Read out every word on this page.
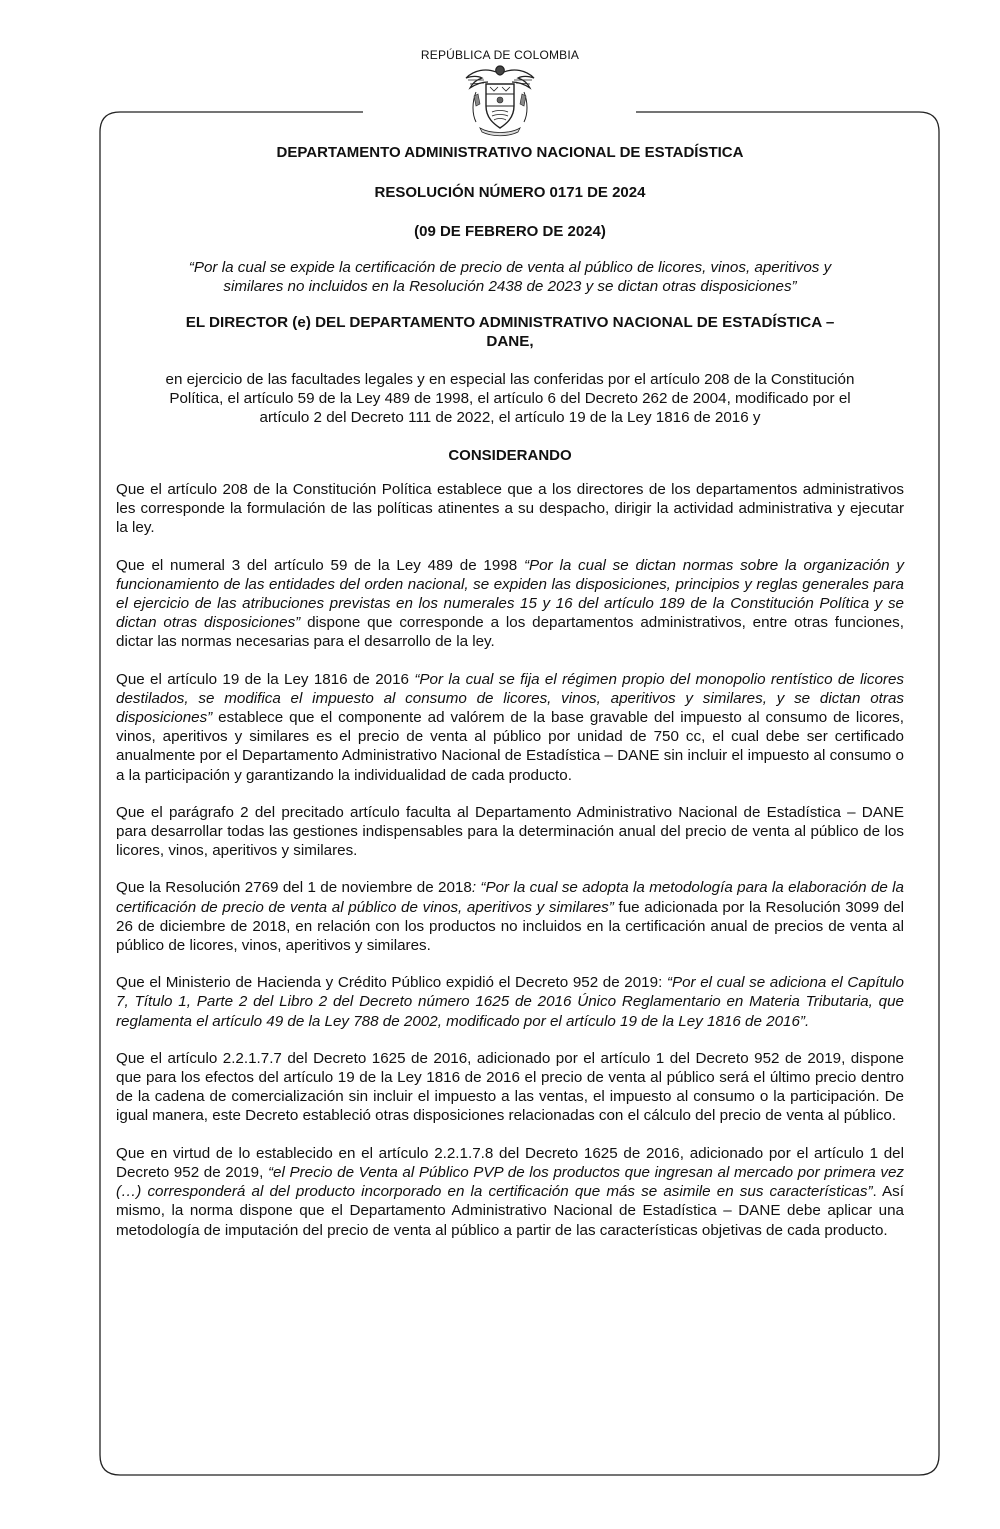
REPÚBLICA DE COLOMBIA
DEPARTAMENTO ADMINISTRATIVO NACIONAL DE ESTADÍSTICA
RESOLUCIÓN NÚMERO 0171 DE 2024
(09 DE FEBRERO DE 2024)
“Por la cual se expide la certificación de precio de venta al público de licores, vinos, aperitivos y
similares no incluidos en la Resolución 2438 de 2023 y se dictan otras disposiciones”
EL DIRECTOR (e) DEL DEPARTAMENTO ADMINISTRATIVO NACIONAL DE ESTADÍSTICA –
DANE,
en ejercicio de las facultades legales y en especial las conferidas por el artículo 208 de la Constitución
Política, el artículo 59 de la Ley 489 de 1998, el artículo 6 del Decreto 262 de 2004, modificado por el
artículo 2 del Decreto 111 de 2022, el artículo 19 de la Ley 1816 de 2016 y
CONSIDERANDO

Que el artículo 208 de la Constitución Política establece que a los directores de los departamentos administrativos les corresponde la formulación de las políticas atinentes a su despacho, dirigir la actividad administrativa y ejecutar la ley.

Que el numeral 3 del artículo 59 de la Ley 489 de 1998 “Por la cual se dictan normas sobre la organización y funcionamiento de las entidades del orden nacional, se expiden las disposiciones, principios y reglas generales para el ejercicio de las atribuciones previstas en los numerales 15 y 16 del artículo 189 de la Constitución Política y se dictan otras disposiciones” dispone que corresponde a los departamentos administrativos, entre otras funciones, dictar las normas necesarias para el desarrollo de la ley.

Que el artículo 19 de la Ley 1816 de 2016 “Por la cual se fija el régimen propio del monopolio rentístico de licores destilados, se modifica el impuesto al consumo de licores, vinos, aperitivos y similares, y se dictan otras disposiciones” establece que el componente ad valórem de la base gravable del impuesto al consumo de licores, vinos, aperitivos y similares es el precio de venta al público por unidad de 750 cc, el cual debe ser certificado anualmente por el Departamento Administrativo Nacional de Estadística – DANE sin incluir el impuesto al consumo o a la participación y garantizando la individualidad de cada producto.

Que el parágrafo 2 del precitado artículo faculta al Departamento Administrativo Nacional de Estadística – DANE para desarrollar todas las gestiones indispensables para la determinación anual del precio de venta al público de los licores, vinos, aperitivos y similares.

Que la Resolución 2769 del 1 de noviembre de 2018: “Por la cual se adopta la metodología para la elaboración de la certificación de precio de venta al público de vinos, aperitivos y similares” fue adicionada por la Resolución 3099 del 26 de diciembre de 2018, en relación con los productos no incluidos en la certificación anual de precios de venta al público de licores, vinos, aperitivos y similares.

Que el Ministerio de Hacienda y Crédito Público expidió el Decreto 952 de 2019: “Por el cual se adiciona el Capítulo 7, Título 1, Parte 2 del Libro 2 del Decreto número 1625 de 2016 Único Reglamentario en Materia Tributaria, que reglamenta el artículo 49 de la Ley 788 de 2002, modificado por el artículo 19 de la Ley 1816 de 2016”.

Que el artículo 2.2.1.7.7 del Decreto 1625 de 2016, adicionado por el artículo 1 del Decreto 952 de 2019, dispone que para los efectos del artículo 19 de la Ley 1816 de 2016 el precio de venta al público será el último precio dentro de la cadena de comercialización sin incluir el impuesto a las ventas, el impuesto al consumo o la participación. De igual manera, este Decreto estableció otras disposiciones relacionadas con el cálculo del precio de venta al público.

Que en virtud de lo establecido en el artículo 2.2.1.7.8 del Decreto 1625 de 2016, adicionado por el artículo 1 del Decreto 952 de 2019, “el Precio de Venta al Público PVP de los productos que ingresan al mercado por primera vez (…) corresponderá al del producto incorporado en la certificación que más se asimile en sus características”. Así mismo, la norma dispone que el Departamento Administrativo Nacional de Estadística – DANE debe aplicar una metodología de imputación del precio de venta al público a partir de las características objetivas de cada producto.
